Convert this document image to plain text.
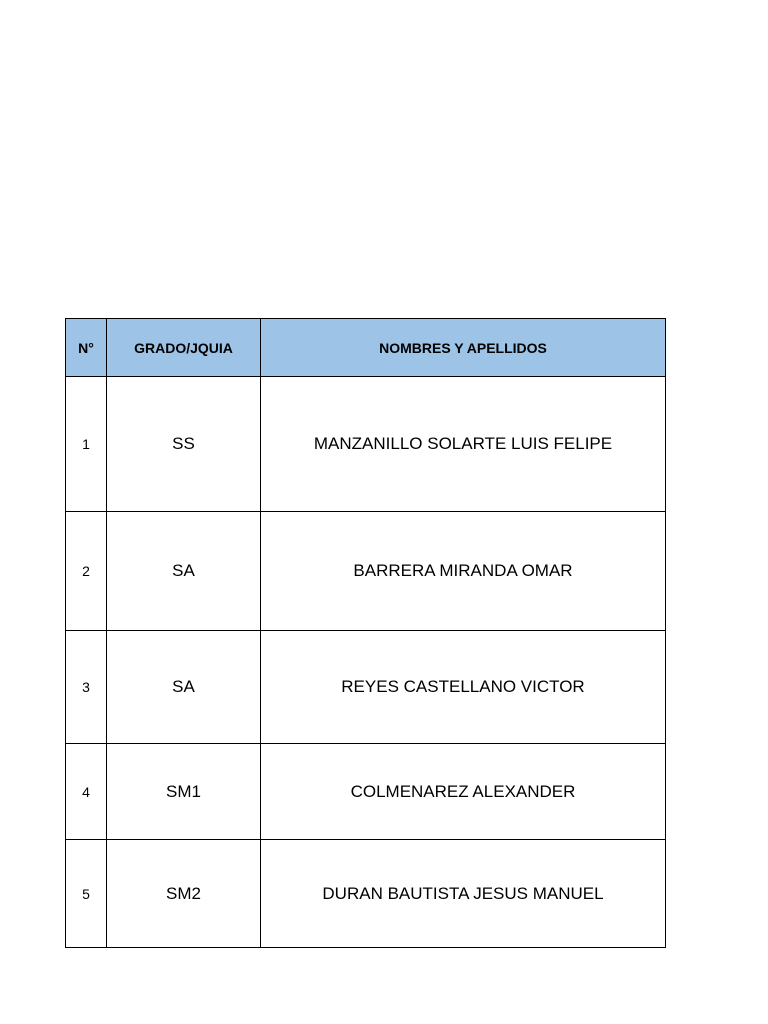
N°	GRADO/JQUIA	NOMBRES Y APELLIDOS
1	SS	MANZANILLO SOLARTE LUIS FELIPE
2	SA	BARRERA MIRANDA OMAR
3	SA	REYES CASTELLANO VICTOR
4	SM1	COLMENAREZ ALEXANDER
5	SM2	DURAN BAUTISTA JESUS MANUEL
